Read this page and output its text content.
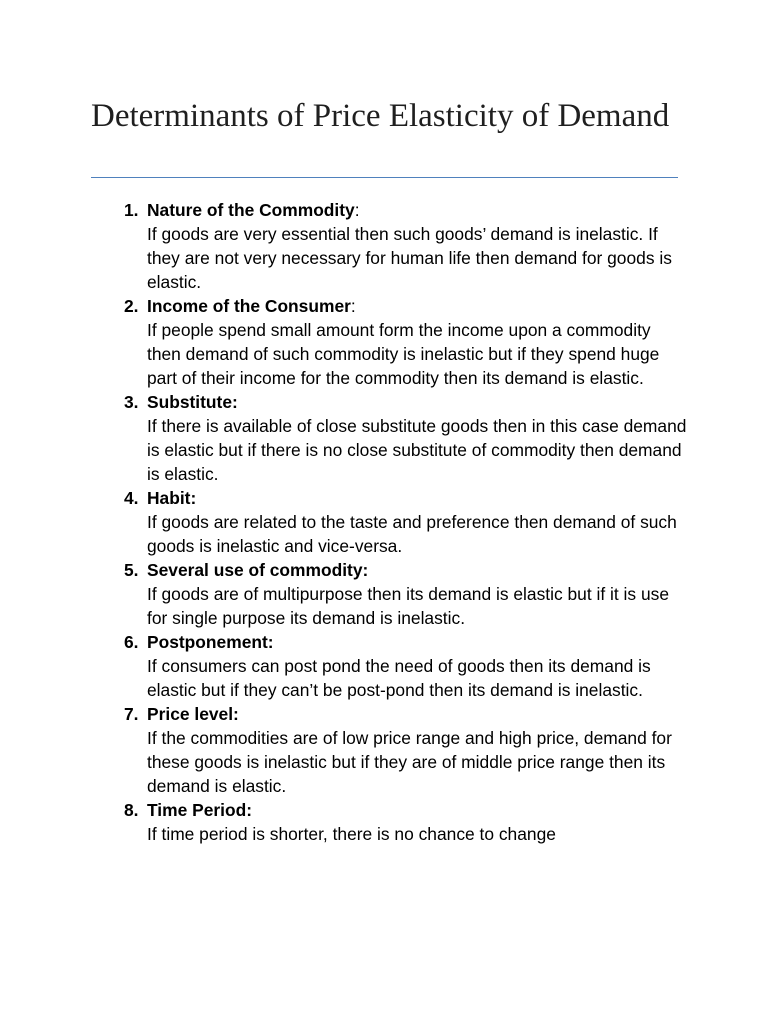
Determinants of Price Elasticity of Demand
1. Nature of the Commodity:
If goods are very essential then such goods’ demand is inelastic. If they are not very necessary for human life then demand for goods is elastic.
2. Income of the Consumer:
If people spend small amount form the income upon a commodity then demand of such commodity is inelastic but if they spend huge part of their income for the commodity then its demand is elastic.
3. Substitute:
If there is available of close substitute goods then in this case demand is elastic but if there is no close substitute of commodity then demand is elastic.
4. Habit:
If goods are related to the taste and preference then demand of such goods is inelastic and vice-versa.
5. Several use of commodity:
If goods are of multipurpose then its demand is elastic but if it is use for single purpose its demand is inelastic.
6. Postponement:
If consumers can post pond the need of goods then its demand is elastic but if they can’t be post-pond then its demand is inelastic.
7. Price level:
If the commodities are of low price range and high price, demand for these goods is inelastic but if they are of middle price range then its demand is elastic.
8. Time Period:
If time period is shorter, there is no chance to change
